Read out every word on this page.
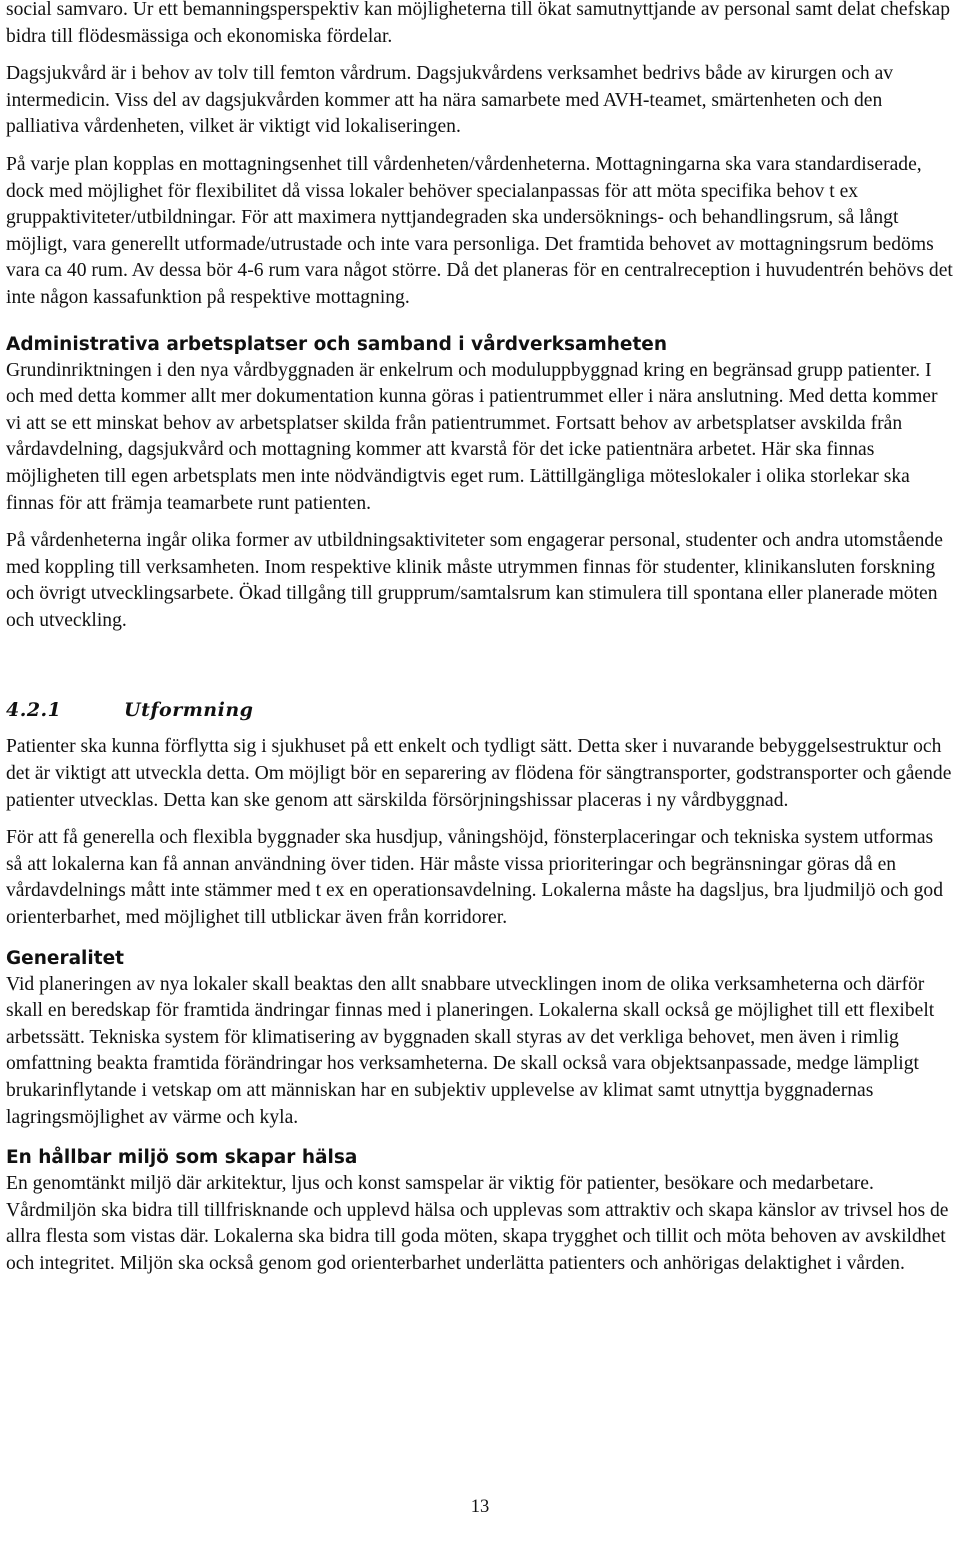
social samvaro. Ur ett bemanningsperspektiv kan möjligheterna till ökat samutnyttjande av personal samt delat chefskap bidra till flödesmässiga och ekonomiska fördelar.

Dagsjukvård är i behov av tolv till femton vårdrum. Dagsjukvårdens verksamhet bedrivs både av kirurgen och av intermedicin. Viss del av dagsjukvården kommer att ha nära samarbete med AVH-teamet, smärtenheten och den palliativa vårdenheten, vilket är viktigt vid lokaliseringen.

På varje plan kopplas en mottagningsenhet till vårdenheten/vårdenheterna. Mottagningarna ska vara standardiserade, dock med möjlighet för flexibilitet då vissa lokaler behöver specialanpassas för att möta specifika behov t ex gruppaktiviteter/utbildningar. För att maximera nyttjandegraden ska undersöknings- och behandlingsrum, så långt möjligt, vara generellt utformade/utrustade och inte vara personliga. Det framtida behovet av mottagningsrum bedöms vara ca 40 rum. Av dessa bör 4-6 rum vara något större. Då det planeras för en centralreception i huvudentrén behövs det inte någon kassafunktion på respektive mottagning.

Administrativa arbetsplatser och samband i vårdverksamheten

Grundinriktningen i den nya vårdbyggnaden är enkelrum och moduluppbyggnad kring en begränsad grupp patienter. I och med detta kommer allt mer dokumentation kunna göras i patientrummet eller i nära anslutning. Med detta kommer vi att se ett minskat behov av arbetsplatser skilda från patientrummet. Fortsatt behov av arbetsplatser avskilda från vårdavdelning, dagsjukvård och mottagning kommer att kvarstå för det icke patientnära arbetet. Här ska finnas möjligheten till egen arbetsplats men inte nödvändigtvis eget rum. Lättillgängliga möteslokaler i olika storlekar ska finnas för att främja teamarbete runt patienten.

På vårdenheterna ingår olika former av utbildningsaktiviteter som engagerar personal, studenter och andra utomstående med koppling till verksamheten. Inom respektive klinik måste utrymmen finnas för studenter, klinikansluten forskning och övrigt utvecklingsarbete. Ökad tillgång till grupprum/samtalsrum kan stimulera till spontana eller planerade möten och utveckling.

4.2.1	Utformning

Patienter ska kunna förflytta sig i sjukhuset på ett enkelt och tydligt sätt. Detta sker i nuvarande bebyggelsestruktur och det är viktigt att utveckla detta. Om möjligt bör en separering av flödena för sängtransporter, godstransporter och gående patienter utvecklas. Detta kan ske genom att särskilda försörjningshissar placeras i ny vårdbyggnad.

För att få generella och flexibla byggnader ska husdjup, våningshöjd, fönsterplaceringar och tekniska system utformas så att lokalerna kan få annan användning över tiden. Här måste vissa prioriteringar och begränsningar göras då en vårdavdelnings mått inte stämmer med t ex en operationsavdelning. Lokalerna måste ha dagsljus, bra ljudmiljö och god orienterbarhet, med möjlighet till utblickar även från korridorer.

Generalitet

Vid planeringen av nya lokaler skall beaktas den allt snabbare utvecklingen inom de olika verksamheterna och därför skall en beredskap för framtida ändringar finnas med i planeringen. Lokalerna skall också ge möjlighet till ett flexibelt arbetssätt. Tekniska system för klimatisering av byggnaden skall styras av det verkliga behovet, men även i rimlig omfattning beakta framtida förändringar hos verksamheterna. De skall också vara objektsanpassade, medge lämpligt brukarinflytande i vetskap om att människan har en subjektiv upplevelse av klimat samt utnyttja byggnadernas lagringsmöjlighet av värme och kyla.

En hållbar miljö som skapar hälsa

En genomtänkt miljö där arkitektur, ljus och konst samspelar är viktig för patienter, besökare och medarbetare. Vårdmiljön ska bidra till tillfrisknande och upplevd hälsa och upplevas som attraktiv och skapa känslor av trivsel hos de allra flesta som vistas där. Lokalerna ska bidra till goda möten, skapa trygghet och tillit och möta behoven av avskildhet och integritet. Miljön ska också genom god orienterbarhet underlätta patienters och anhörigas delaktighet i vården.

13
